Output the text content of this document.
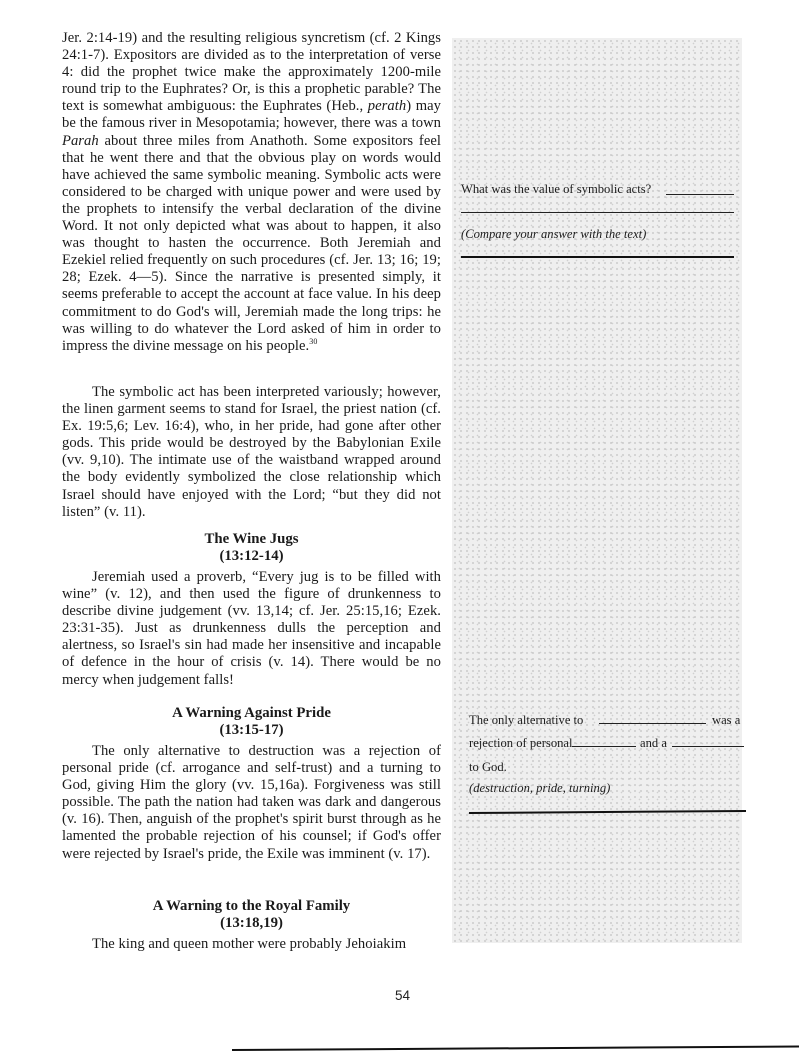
What was the value of symbolic acts?
(Compare your answer with the text)
The only alternative to	was a
rejection of personal	and a
to God.
(destruction, pride, turning)

Jer. 2:14-19) and the resulting religious syncretism (cf. 2 Kings 24:1-7). Expositors are divided as to the interpretation of verse 4: did the prophet twice make the approximately 1200-mile round trip to the Euphrates? Or, is this a prophetic parable? The text is somewhat ambiguous: the Euphrates (Heb., perath) may be the famous river in Mesopotamia; however, there was a town Parah about three miles from Anathoth. Some expositors feel that he went there and that the obvious play on words would have achieved the same symbolic meaning. Symbolic acts were considered to be charged with unique power and were used by the prophets to intensify the verbal declaration of the divine Word. It not only depicted what was about to happen, it also was thought to hasten the occurrence. Both Jeremiah and Ezekiel relied frequently on such procedures (cf. Jer. 13; 16; 19; 28; Ezek. 4—5). Since the narrative is presented simply, it seems preferable to accept the account at face value. In his deep commitment to do God's will, Jeremiah made the long trips: he was willing to do whatever the Lord asked of him in order to impress the divine message on his people.$^{30}$

The symbolic act has been interpreted variously; however, the linen garment seems to stand for Israel, the priest nation (cf. Ex. 19:5,6; Lev. 16:4), who, in her pride, had gone after other gods. This pride would be destroyed by the Babylonian Exile (vv. 9,10). The intimate use of the waistband wrapped around the body evidently symbolized the close relationship which Israel should have enjoyed with the Lord; “but they did not listen” (v. 11).

The Wine Jugs
(13:12-14)

Jeremiah used a proverb, “Every jug is to be filled with wine” (v. 12), and then used the figure of drunkenness to describe divine judgement (vv. 13,14; cf. Jer. 25:15,16; Ezek. 23:31-35). Just as drunkenness dulls the perception and alertness, so Israel's sin had made her insensitive and incapable of defence in the hour of crisis (v. 14). There would be no mercy when judgement falls!

A Warning Against Pride
(13:15-17)

The only alternative to destruction was a rejection of personal pride (cf. arrogance and self-trust) and a turning to God, giving Him the glory (vv. 15,16a). Forgiveness was still possible. The path the nation had taken was dark and dangerous (v. 16). Then, anguish of the prophet's spirit burst through as he lamented the probable rejection of his counsel; if God's offer were rejected by Israel's pride, the Exile was imminent (v. 17).

A Warning to the Royal Family
(13:18,19)

The king and queen mother were probably Jehoiakim

54
